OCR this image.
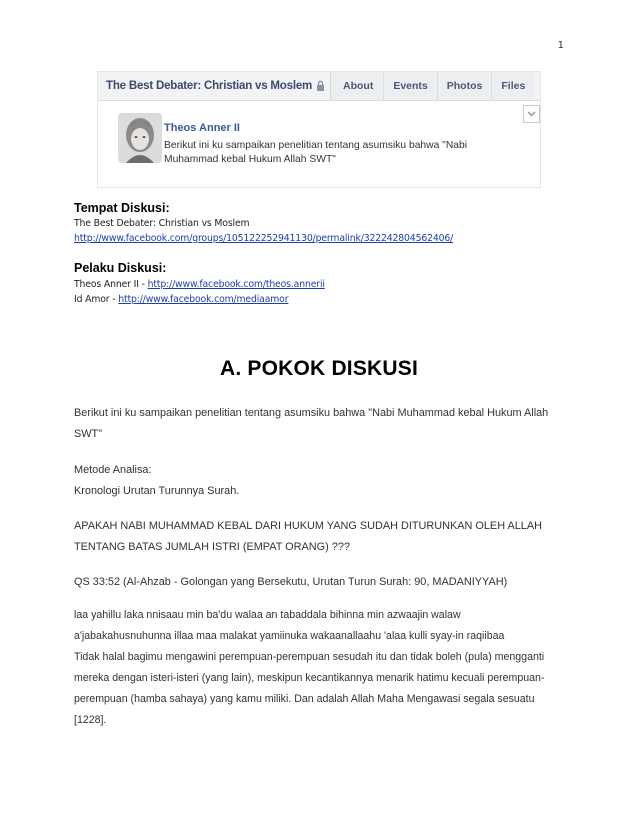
1
The Best Debater: Christian vs Moslem	About	Events	Photos	Files
Theos Anner II
Berikut ini ku sampaikan penelitian tentang asumsiku bahwa "Nabi
Muhammad kebal Hukum Allah SWT"
Tempat Diskusi:
The Best Debater: Christian vs Moslem
http://www.facebook.com/groups/105122252941130/permalink/322242804562406/
Pelaku Diskusi:
Theos Anner II - http://www.facebook.com/theos.annerii
Id Amor - http://www.facebook.com/mediaamor
A. POKOK DISKUSI
Berikut ini ku sampaikan penelitian tentang asumsiku bahwa "Nabi Muhammad kebal Hukum Allah
SWT"
Metode Analisa:
Kronologi Urutan Turunnya Surah.
APAKAH NABI MUHAMMAD KEBAL DARI HUKUM YANG SUDAH DITURUNKAN OLEH ALLAH
TENTANG BATAS JUMLAH ISTRI (EMPAT ORANG) ???
QS 33:52 (Al-Ahzab - Golongan yang Bersekutu, Urutan Turun Surah: 90, MADANIYYAH)
laa yahillu laka nnisaau min ba'du walaa an tabaddala bihinna min azwaajin walaw
a'jabakahusnuhunna illaa maa malakat yamiinuka wakaanallaahu 'alaa kulli syay-in raqiibaa
Tidak halal bagimu mengawini perempuan-perempuan sesudah itu dan tidak boleh (pula) mengganti
mereka dengan isteri-isteri (yang lain), meskipun kecantikannya menarik hatimu kecuali perempuan-
perempuan (hamba sahaya) yang kamu miliki. Dan adalah Allah Maha Mengawasi segala sesuatu
[1228].
